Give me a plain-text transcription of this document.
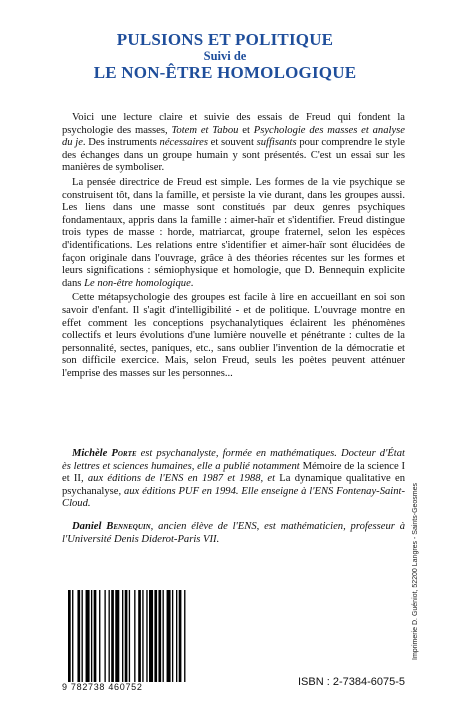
PULSIONS ET POLITIQUE
Suivi de
LE NON-ÊTRE HOMOLOGIQUE

Voici une lecture claire et suivie des essais de Freud qui fondent la psychologie des masses, Totem et Tabou et Psychologie des masses et analyse du je. Des instruments nécessaires et souvent suffisants pour comprendre le style des échanges dans un groupe humain y sont présentés. C'est un essai sur les manières de symboliser.

La pensée directrice de Freud est simple. Les formes de la vie psychique se construisent tôt, dans la famille, et persiste la vie durant, dans les groupes aussi. Les liens dans une masse sont constitués par deux genres psychiques fondamentaux, appris dans la famille : aimer-haïr et s'identifier. Freud distingue trois types de masse : horde, matriarcat, groupe fraternel, selon les espèces d'identifications. Les relations entre s'identifier et aimer-haïr sont élucidées de façon originale dans l'ouvrage, grâce à des théories récentes sur les formes et leurs significations : sémiophysique et homologie, que D. Bennequin explicite dans Le non-être homologique.

Cette métapsychologie des groupes est facile à lire en accueillant en soi son savoir d'enfant. Il s'agit d'intelligibilité - et de politique. L'ouvrage montre en effet comment les conceptions psychanalytiques éclairent les phénomènes collectifs et leurs évolutions d'une lumière nouvelle et pénétrante : cultes de la personnalité, sectes, paniques, etc., sans oublier l'invention de la démocratie et son difficile exercice. Mais, selon Freud, seuls les poètes peuvent atténuer l'emprise des masses sur les personnes...

Michèle Porte est psychanalyste, formée en mathématiques. Docteur d'État ès lettres et sciences humaines, elle a publié notamment Mémoire de la science I et II, aux éditions de l'ENS en 1987 et 1988, et La dynamique qualitative en psychanalyse, aux éditions PUF en 1994. Elle enseigne à l'ENS Fontenay-Saint-Cloud.

Daniel Bennequin, ancien élève de l'ENS, est mathématicien, professeur à l'Université Denis Diderot-Paris VII.

9 782738 460752	ISBN : 2-7384-6075-5
Imprimerie D. Guéniot, 52200 Langres - Saints-Geosmes
